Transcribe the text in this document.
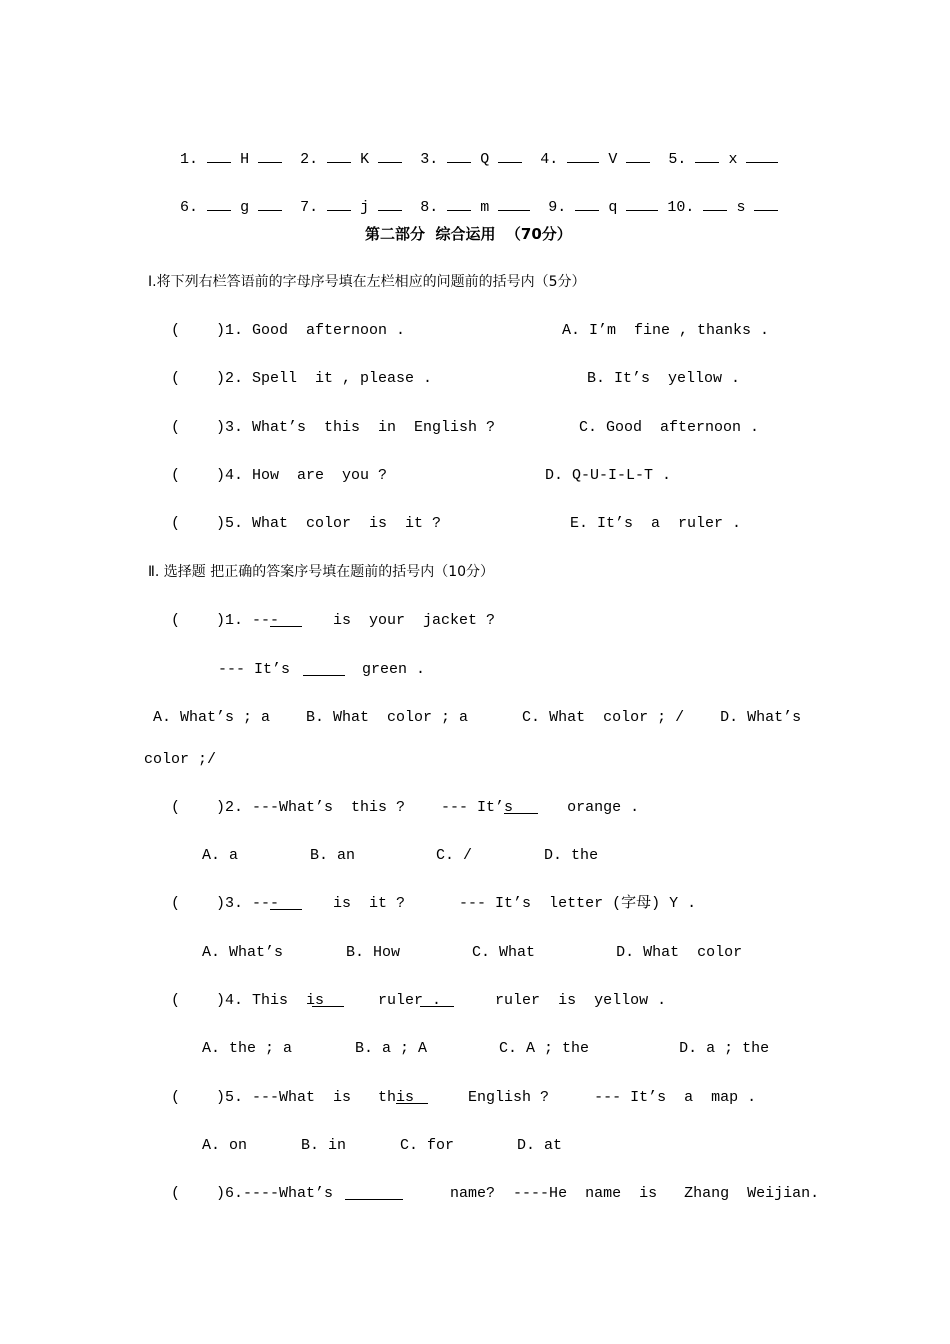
1.	H	2.	K	3.	Q	4.	V	5.	x

6.	g	7.	j	8.	m	9.	q	10.	s

第二部分  综合运用  （70分）
Ⅰ.将下列右栏答语前的字母序号填在左栏相应的问题前的括号内（5分）
(    )1. Good  afternoon .	A. I’m  fine , thanks .
(    )2. Spell  it , please .	B. It’s  yellow .
(    )3. What’s  this  in  English ?	C. Good  afternoon .
(    )4. How  are  you ?	D. Q-U-I-L-T .
(    )5. What  color  is  it ?	E. It’s  a  ruler .
Ⅱ. 选择题 把正确的答案序号填在题前的括号内（10分）
(    )1. ---      is  your  jacket ?
--- It’s        green .
A. What’s ; a    B. What  color ; a      C. What  color ; /    D. What’s
color ;/
(    )2. ---What’s  this ?    --- It’s      orange .
A. a        B. an         C. /        D. the
(    )3. ---      is  it ?      --- It’s  letter (字母) Y .
A. What’s       B. How        C. What         D. What  color
(    )4. This  is      ruler .      ruler  is  yellow .
A. the ; a       B. a ; A        C. A ; the          D. a ; the
(    )5. ---What  is   this      English ?     --- It’s  a  map .
A. on      B. in      C. for       D. at
(    )6.----What’s             name?  ----He  name  is   Zhang  Weijian.
